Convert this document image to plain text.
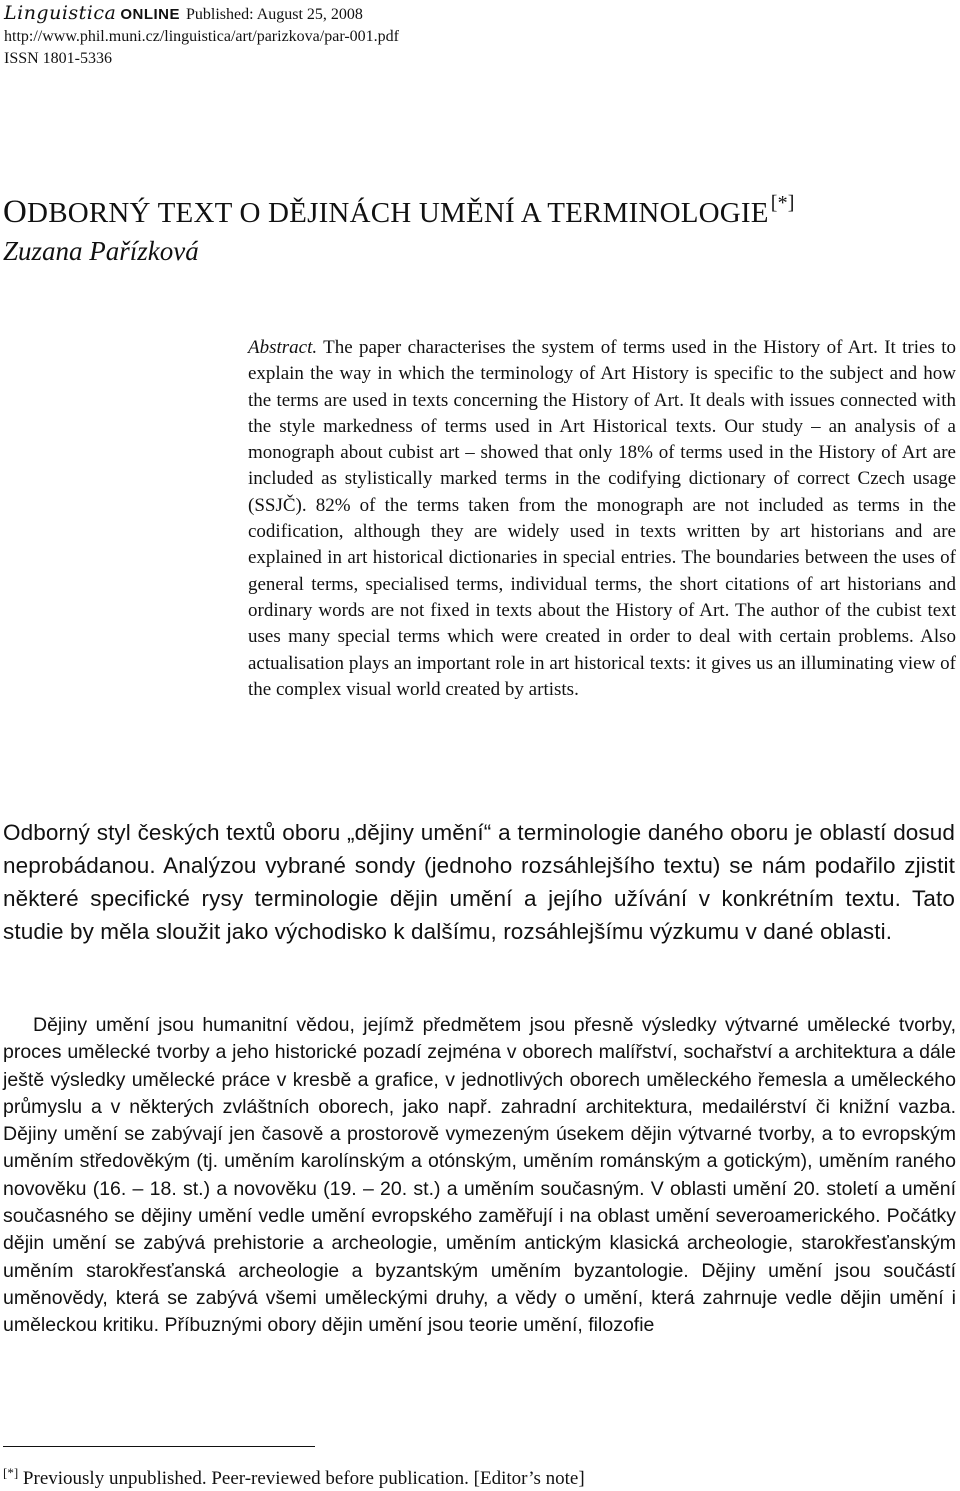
Linguistica ONLINE Published: August 25, 2008
http://www.phil.muni.cz/linguistica/art/parizkova/par-001.pdf
ISSN 1801-5336
ODBORNÝ TEXT O DĚJINÁCH UMĚNÍ A TERMINOLOGIE [*]
Zuzana Pařízková

Abstract. The paper characterises the system of terms used in the History of Art. It tries to explain the way in which the terminology of Art History is specific to the subject and how the terms are used in texts concerning the History of Art. It deals with issues connected with the style markedness of terms used in Art Historical texts. Our study – an analysis of a monograph about cubist art – showed that only 18% of terms used in the History of Art are included as stylistically marked terms in the codifying dictionary of correct Czech usage (SSJČ). 82% of the terms taken from the monograph are not included as terms in the codification, although they are widely used in texts written by art historians and are explained in art historical dictionaries in special entries. The boundaries between the uses of general terms, specialised terms, individual terms, the short citations of art historians and ordinary words are not fixed in texts about the History of Art. The author of the cubist text uses many special terms which were created in order to deal with certain problems. Also actualisation plays an important role in art historical texts: it gives us an illuminating view of the complex visual world created by artists.

Odborný styl českých textů oboru „dějiny umění“ a terminologie daného oboru je oblastí dosud neprobádanou. Analýzou vybrané sondy (jednoho rozsáhlejšího textu) se nám podařilo zjistit některé specifické rysy terminologie dějin umění a jejího užívání v konkrétním textu. Tato studie by měla sloužit jako východisko k dalšímu, rozsáhlejšímu výzkumu v dané oblasti.

Dějiny umění jsou humanitní vědou, jejímž předmětem jsou přesně výsledky výtvarné umělecké tvorby, proces umělecké tvorby a jeho historické pozadí zejména v oborech malířství, sochařství a architektura a dále ještě výsledky umělecké práce v kresbě a grafice, v jednotlivých oborech uměleckého řemesla a uměleckého průmyslu a v některých zvláštních oborech, jako např. zahradní architektura, medailérství či knižní vazba. Dějiny umění se zabývají jen časově a prostorově vymezeným úsekem dějin výtvarné tvorby, a to evropským uměním středověkým (tj. uměním karolínským a otónským, uměním románským a gotickým), uměním raného novověku (16. – 18. st.) a novověku (19. – 20. st.) a uměním současným. V oblasti umění 20. století a umění současného se dějiny umění vedle umění evropského zaměřují i na oblast umění severoamerického. Počátky dějin umění se zabývá prehistorie a archeologie, uměním antickým klasická archeologie, starokřesťanským uměním starokřesťanská archeologie a byzantským uměním byzantologie. Dějiny umění jsou součástí uměnovědy, která se zabývá všemi uměleckými druhy, a vědy o umění, která zahrnuje vedle dějin umění i uměleckou kritiku. Příbuznými obory dějin umění jsou teorie umění, filozofie

[*] Previously unpublished. Peer-reviewed before publication. [Editor’s note]
